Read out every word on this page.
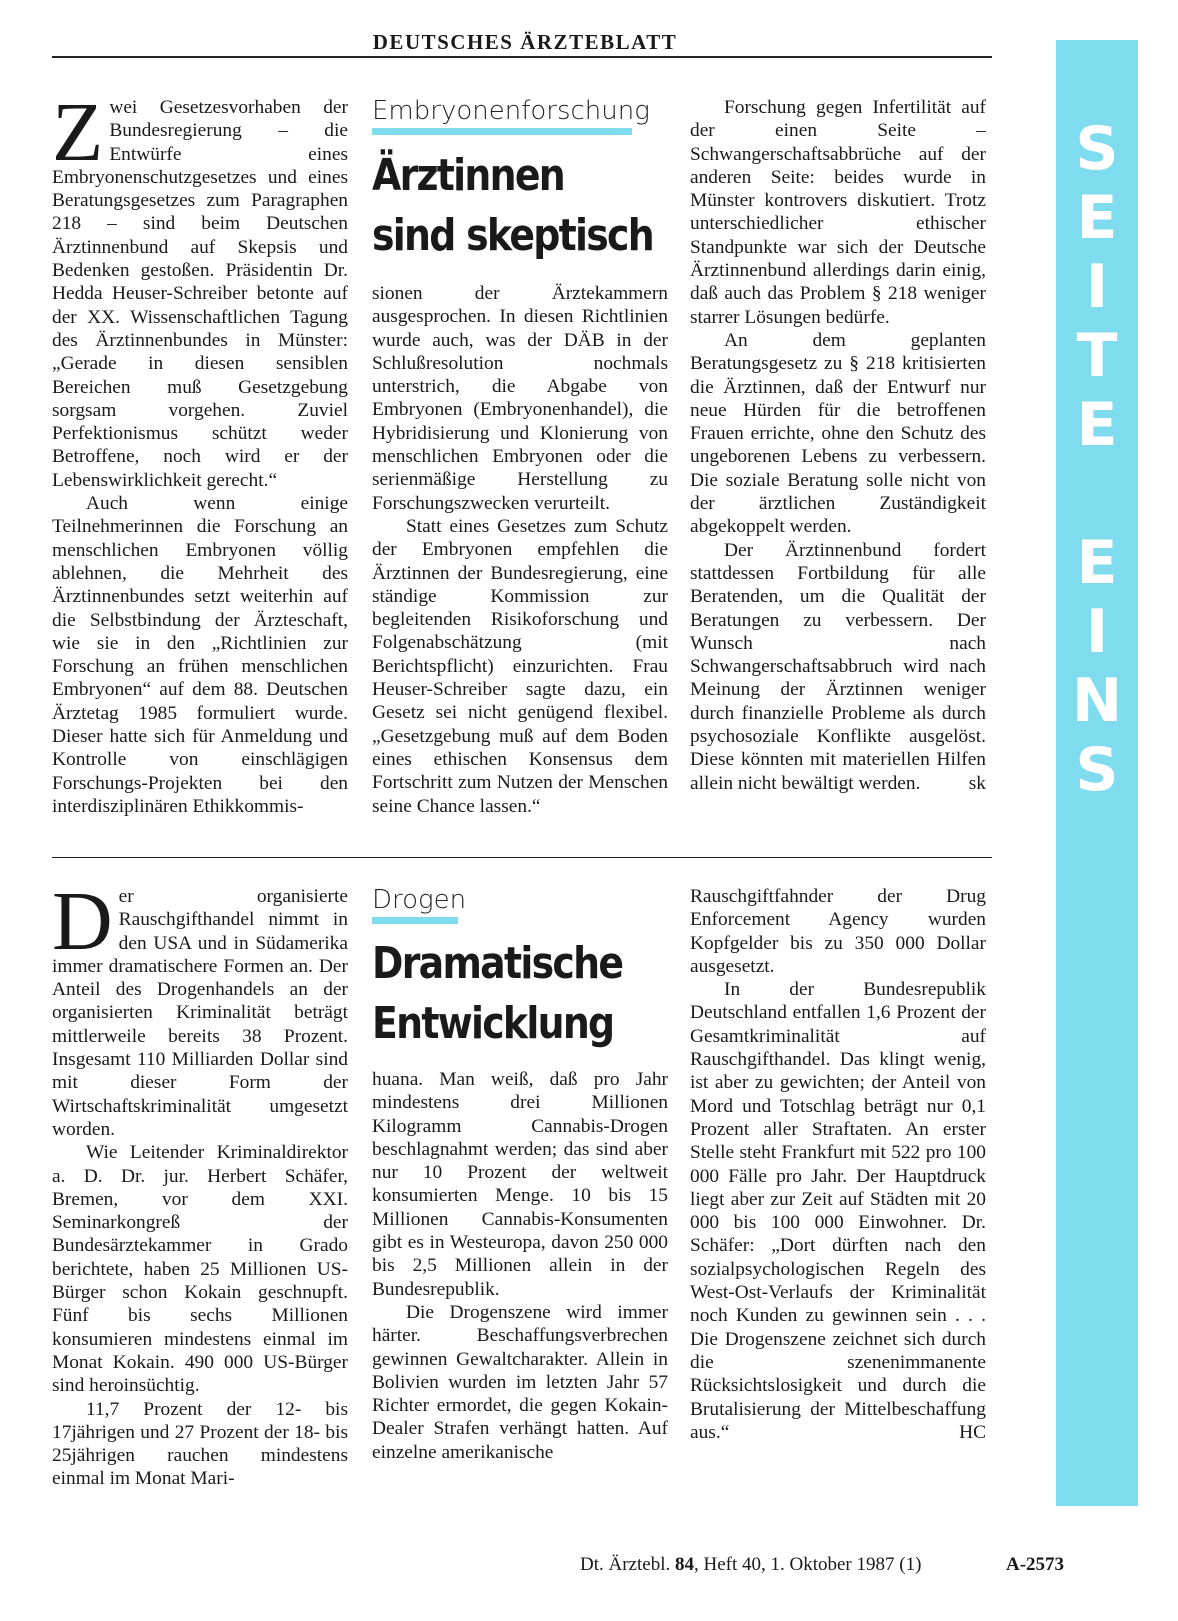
DEUTSCHES ÄRZTEBLATT
S
E
I
T
E

E
I
N
S

Zwei Gesetzesvorhaben der Bundesregierung – die Entwürfe eines Embryonenschutzgesetzes und eines Beratungsgesetzes zum Paragraphen 218 – sind beim Deutschen Ärztinnenbund auf Skepsis und Bedenken gestoßen. Präsidentin Dr. Hedda Heuser-Schreiber betonte auf der XX. Wissenschaftlichen Tagung des Ärztinnenbundes in Münster: „Gerade in diesen sensiblen Bereichen muß Gesetzgebung sorgsam vorgehen. Zuviel Perfektionismus schützt weder Betroffene, noch wird er der Lebenswirklichkeit gerecht.“

Auch wenn einige Teilnehmerinnen die Forschung an menschlichen Embryonen völlig ablehnen, die Mehrheit des Ärztinnenbundes setzt weiterhin auf die Selbstbindung der Ärzteschaft, wie sie in den „Richtlinien zur Forschung an frühen menschlichen Embryonen“ auf dem 88. Deutschen Ärztetag 1985 formuliert wurde. Dieser hatte sich für Anmeldung und Kontrolle von einschlägigen Forschungs-Projekten bei den interdisziplinären Ethikkommis-

Embryonenforschung
Ärztinnen
sind skeptisch

sionen der Ärztekammern ausgesprochen. In diesen Richtlinien wurde auch, was der DÄB in der Schlußresolution nochmals unterstrich, die Abgabe von Embryonen (Embryonenhandel), die Hybridisierung und Klonierung von menschlichen Embryonen oder die serienmäßige Herstellung zu Forschungszwecken verurteilt.

Statt eines Gesetzes zum Schutz der Embryonen empfehlen die Ärztinnen der Bundesregierung, eine ständige Kommission zur begleitenden Risikoforschung und Folgenabschätzung (mit Berichtspflicht) einzurichten. Frau Heuser-Schreiber sagte dazu, ein Gesetz sei nicht genügend flexibel. „Gesetzgebung muß auf dem Boden eines ethischen Konsensus dem Fortschritt zum Nutzen der Menschen seine Chance lassen.“

Forschung gegen Infertilität auf der einen Seite – Schwangerschaftsabbrüche auf der anderen Seite: beides wurde in Münster kontrovers diskutiert. Trotz unterschiedlicher ethischer Standpunkte war sich der Deutsche Ärztinnenbund allerdings darin einig, daß auch das Problem § 218 weniger starrer Lösungen bedürfe.

An dem geplanten Beratungsgesetz zu § 218 kritisierten die Ärztinnen, daß der Entwurf nur neue Hürden für die betroffenen Frauen errichte, ohne den Schutz des ungeborenen Lebens zu verbessern. Die soziale Beratung solle nicht von der ärztlichen Zuständigkeit abgekoppelt werden.

Der Ärztinnenbund fordert stattdessen Fortbildung für alle Beratenden, um die Qualität der Beratungen zu verbessern. Der Wunsch nach Schwangerschaftsabbruch wird nach Meinung der Ärztinnen weniger durch finanzielle Probleme als durch psychosoziale Konflikte ausgelöst. Diese könnten mit materiellen Hilfen allein nicht bewältigt werden.	sk

Der organisierte Rauschgifthandel nimmt in den USA und in Südamerika immer dramatischere Formen an. Der Anteil des Drogenhandels an der organisierten Kriminalität beträgt mittlerweile bereits 38 Prozent. Insgesamt 110 Milliarden Dollar sind mit dieser Form der Wirtschaftskriminalität umgesetzt worden.

Wie Leitender Kriminaldirektor a. D. Dr. jur. Herbert Schäfer, Bremen, vor dem XXI. Seminarkongreß der Bundesärztekammer in Grado berichtete, haben 25 Millionen US-Bürger schon Kokain geschnupft. Fünf bis sechs Millionen konsumieren mindestens einmal im Monat Kokain. 490 000 US-Bürger sind heroinsüchtig.

11,7 Prozent der 12- bis 17jährigen und 27 Prozent der 18- bis 25jährigen rauchen mindestens einmal im Monat Mari-

Drogen
Dramatische
Entwicklung

huana. Man weiß, daß pro Jahr mindestens drei Millionen Kilogramm Cannabis-Drogen beschlagnahmt werden; das sind aber nur 10 Prozent der weltweit konsumierten Menge. 10 bis 15 Millionen Cannabis-Konsumenten gibt es in Westeuropa, davon 250 000 bis 2,5 Millionen allein in der Bundesrepublik.

Die Drogenszene wird immer härter. Beschaffungsverbrechen gewinnen Gewaltcharakter. Allein in Bolivien wurden im letzten Jahr 57 Richter ermordet, die gegen Kokain-Dealer Strafen verhängt hatten. Auf einzelne amerikanische

Rauschgiftfahnder der Drug Enforcement Agency wurden Kopfgelder bis zu 350 000 Dollar ausgesetzt.

In der Bundesrepublik Deutschland entfallen 1,6 Prozent der Gesamtkriminalität auf Rauschgifthandel. Das klingt wenig, ist aber zu gewichten; der Anteil von Mord und Totschlag beträgt nur 0,1 Prozent aller Straftaten. An erster Stelle steht Frankfurt mit 522 pro 100 000 Fälle pro Jahr. Der Hauptdruck liegt aber zur Zeit auf Städten mit 20 000 bis 100 000 Einwohner. Dr. Schäfer: „Dort dürften nach den sozialpsychologischen Regeln des West-Ost-Verlaufs der Kriminalität noch Kunden zu gewinnen sein . . . Die Drogenszene zeichnet sich durch die szenenimmanente Rücksichtslosigkeit und durch die Brutalisierung der Mittelbeschaffung aus.“	HC

Dt. Ärztebl. 84, Heft 40, 1. Oktober 1987 (1)	A-2573
